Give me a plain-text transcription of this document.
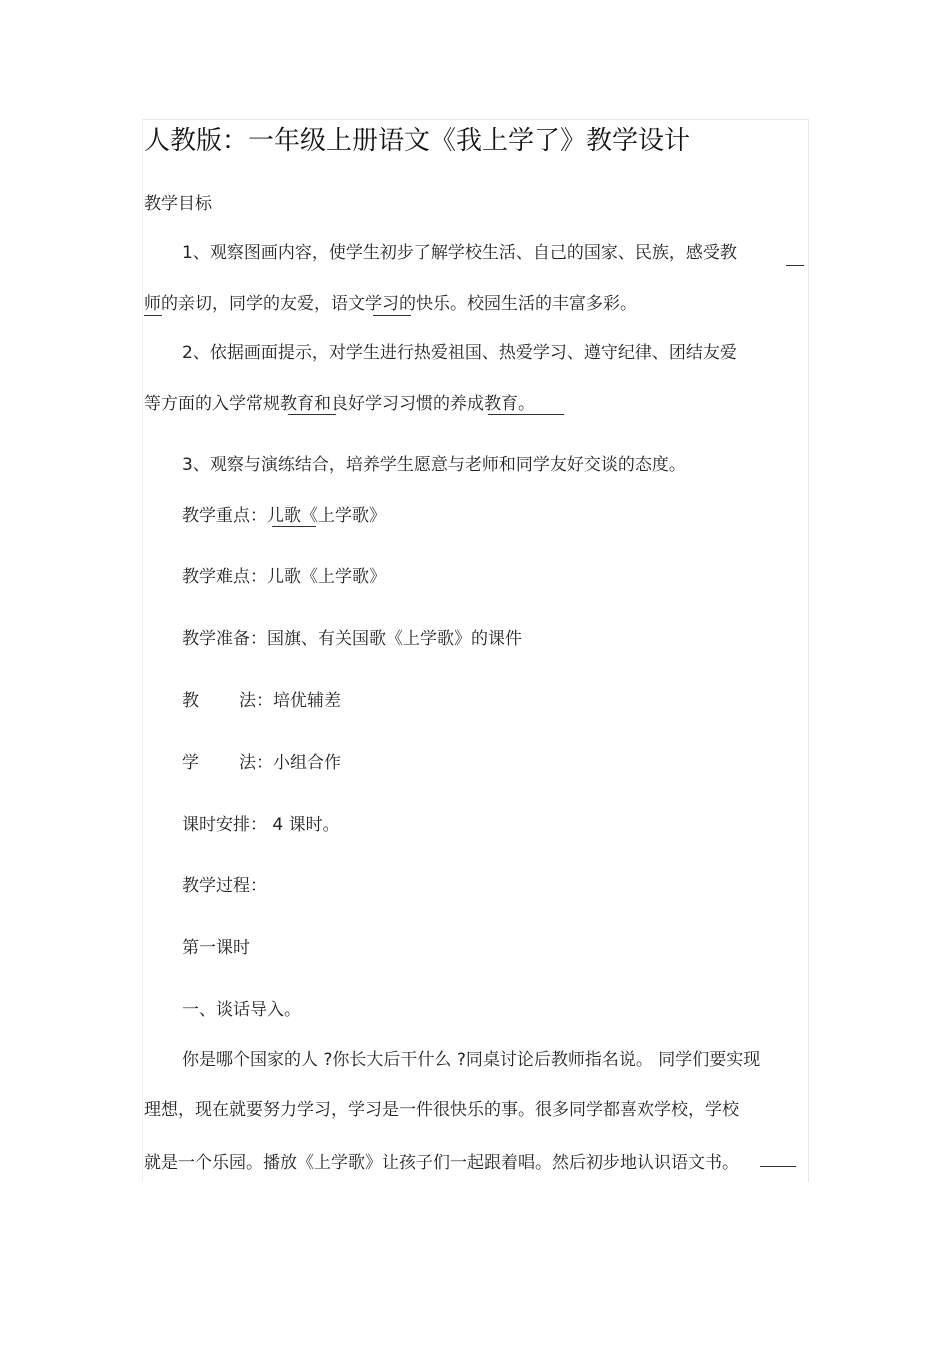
人教版：一年级上册语文《我上学了》教学设计
教学目标
1、观察图画内容，使学生初步了解学校生活、自己的国家、民族，感受教
师的亲切，同学的友爱，语文学习的快乐。校园生活的丰富多彩。
2、依据画面提示，对学生进行热爱祖国、热爱学习、遵守纪律、团结友爱
等方面的入学常规教育和良好学习习惯的养成教育。
3、观察与演练结合，培养学生愿意与老师和同学友好交谈的态度。
教学重点：儿歌《上学歌》
教学难点：儿歌《上学歌》
教学准备：国旗、有关国歌《上学歌》的课件
教 法：培优辅差
学 法：小组合作
课时安排： 4 课时。
教学过程：
第一课时
一、谈话导入。
你是哪个国家的人 ?你长大后干什么 ?同桌讨论后教师指名说。 同学们要实现
理想，现在就要努力学习，学习是一件很快乐的事。很多同学都喜欢学校，学校
就是一个乐园。播放《上学歌》让孩子们一起跟着唱。然后初步地认识语文书。
